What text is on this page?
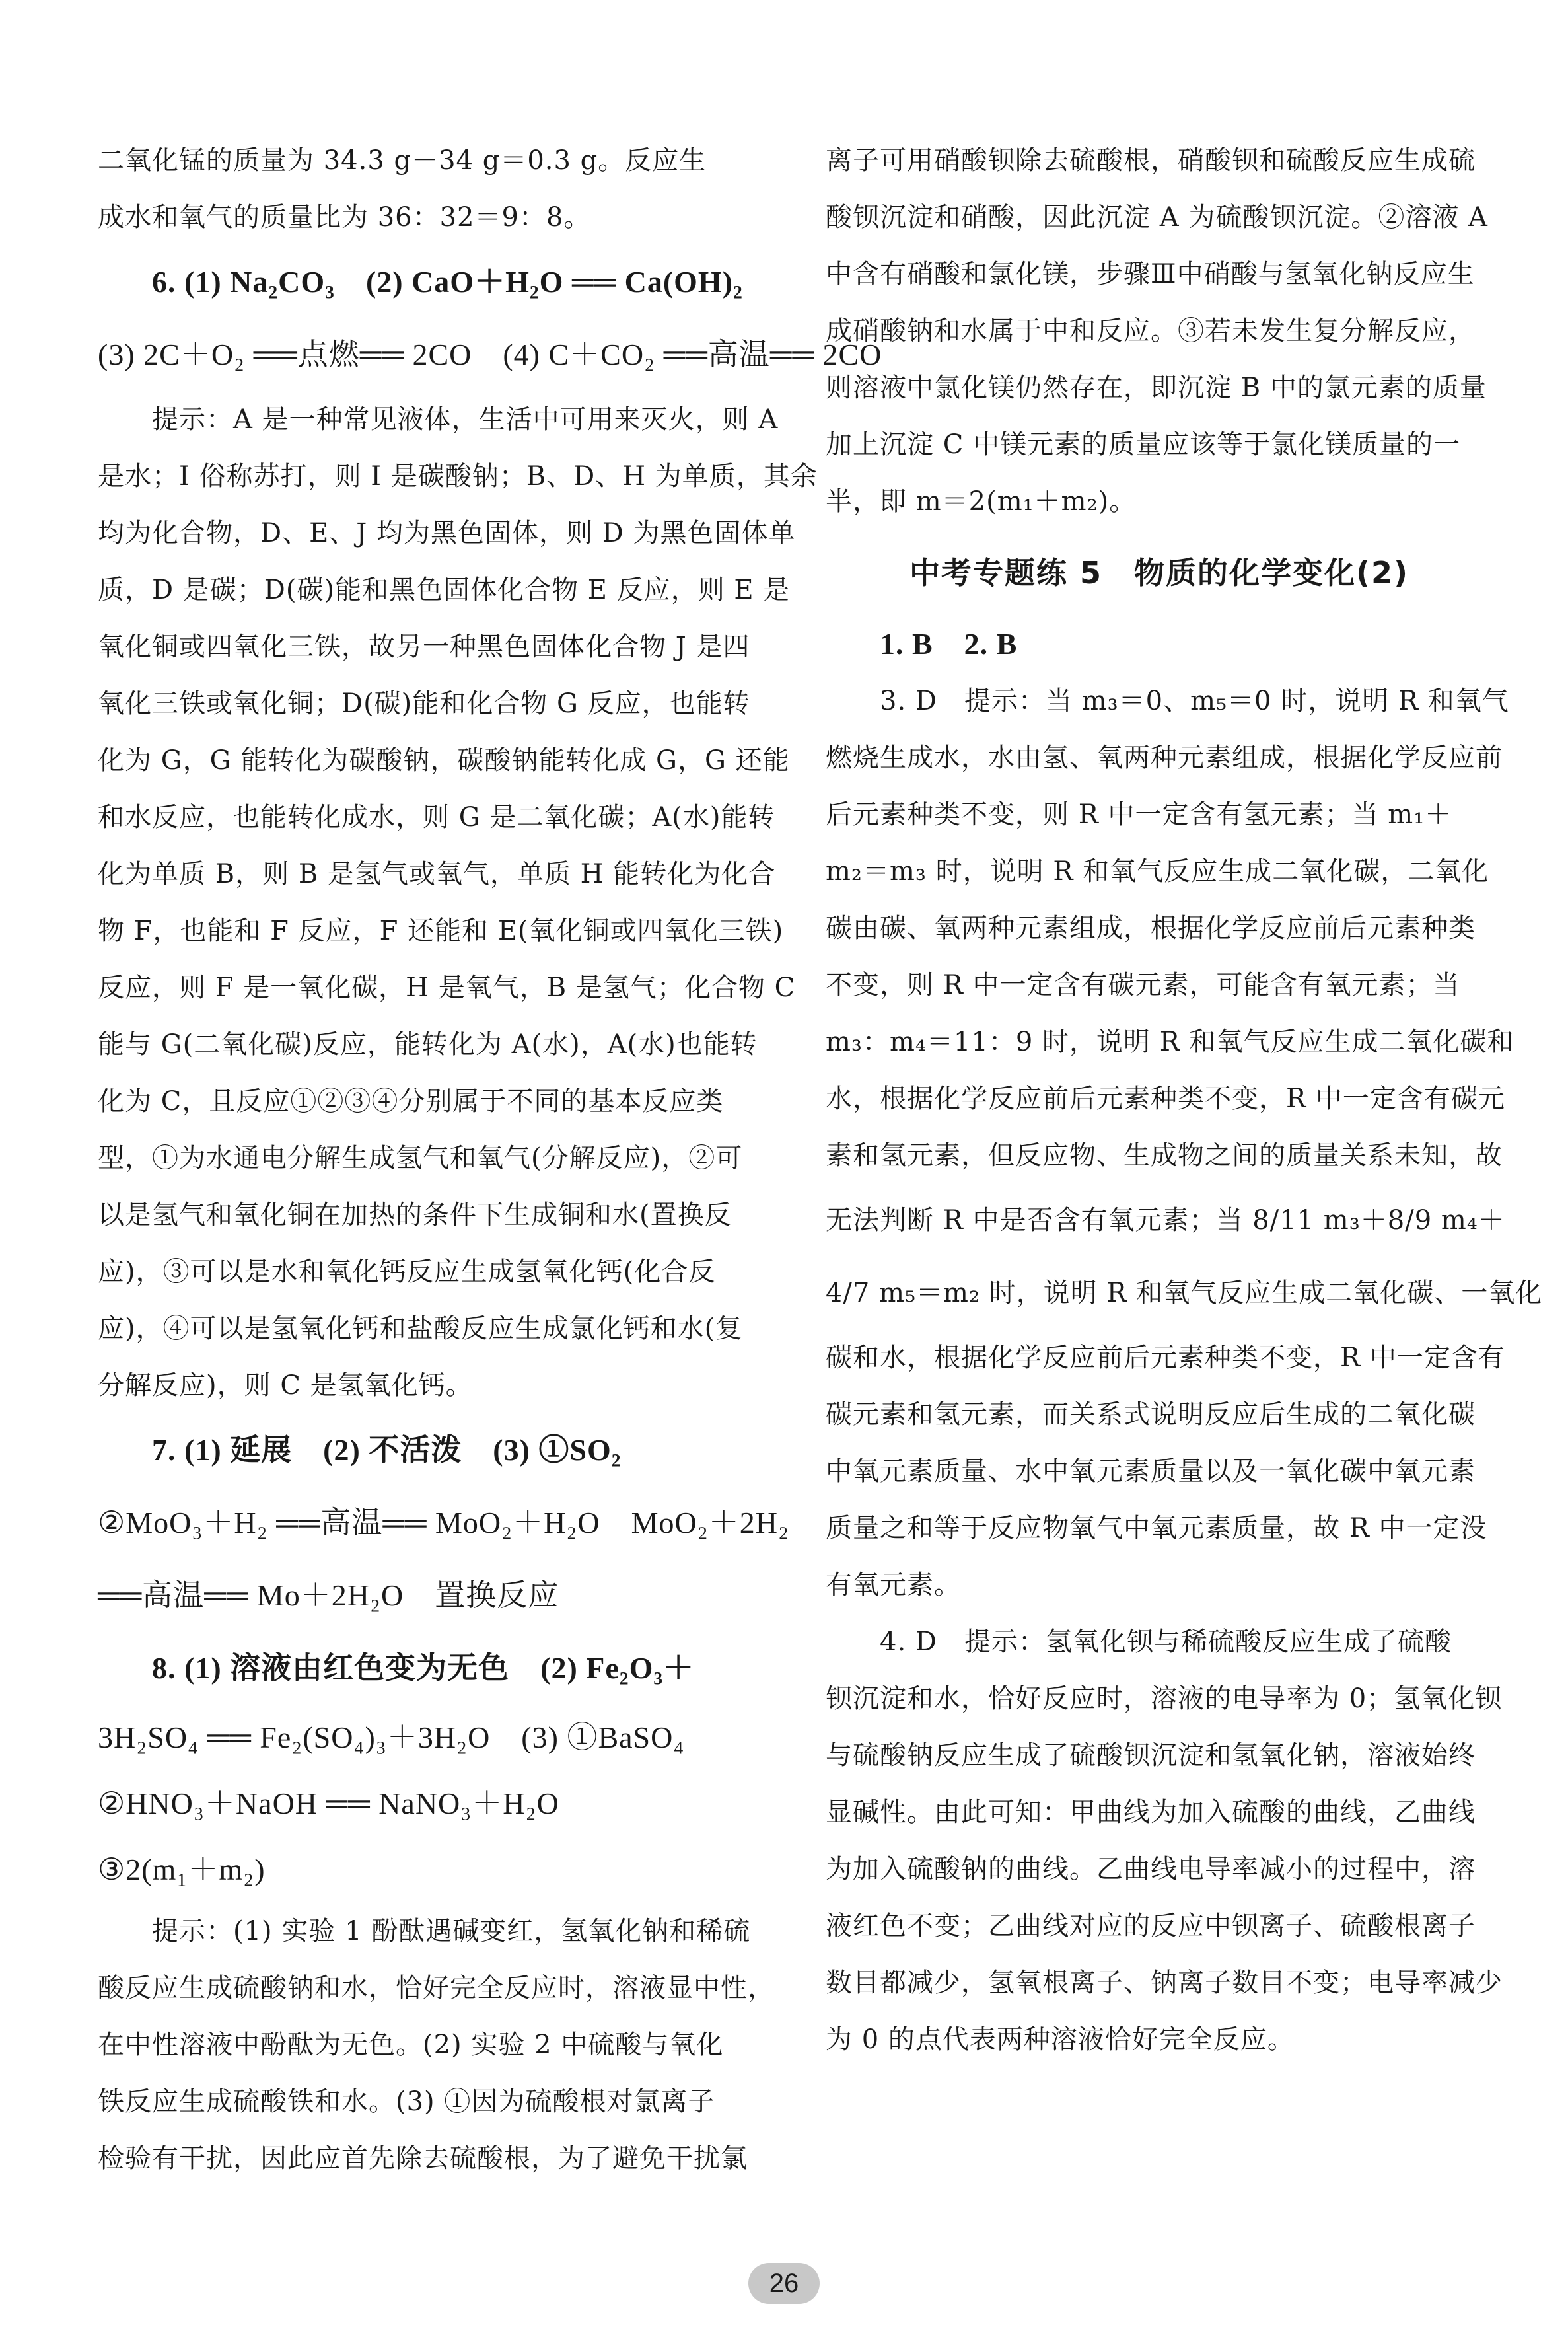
二氧化锰的质量为 34.3 g－34 g＝0.3 g。反应生
成水和氧气的质量比为 36：32＝9：8。
6. (1) Na₂CO₃　(2) CaO＋H₂O ══ Ca(OH)₂
(3) 2C＋O₂ ══点燃══ 2CO　(4) C＋CO₂ ══高温══ 2CO
提示：A 是一种常见液体，生活中可用来灭火，则 A
是水；I 俗称苏打，则 I 是碳酸钠；B、D、H 为单质，其余
均为化合物，D、E、J 均为黑色固体，则 D 为黑色固体单
质，D 是碳；D(碳)能和黑色固体化合物 E 反应，则 E 是
氧化铜或四氧化三铁，故另一种黑色固体化合物 J 是四
氧化三铁或氧化铜；D(碳)能和化合物 G 反应，也能转
化为 G，G 能转化为碳酸钠，碳酸钠能转化成 G，G 还能
和水反应，也能转化成水，则 G 是二氧化碳；A(水)能转
化为单质 B，则 B 是氢气或氧气，单质 H 能转化为化合
物 F，也能和 F 反应，F 还能和 E(氧化铜或四氧化三铁)
反应，则 F 是一氧化碳，H 是氧气，B 是氢气；化合物 C
能与 G(二氧化碳)反应，能转化为 A(水)，A(水)也能转
化为 C，且反应①②③④分别属于不同的基本反应类
型，①为水通电分解生成氢气和氧气(分解反应)，②可
以是氢气和氧化铜在加热的条件下生成铜和水(置换反
应)，③可以是水和氧化钙反应生成氢氧化钙(化合反
应)，④可以是氢氧化钙和盐酸反应生成氯化钙和水(复
分解反应)，则 C 是氢氧化钙。
7. (1) 延展　(2) 不活泼　(3) ①SO₂
②MoO₃＋H₂ ══高温══ MoO₂＋H₂O　MoO₂＋2H₂
══高温══ Mo＋2H₂O　置换反应
8. (1) 溶液由红色变为无色　(2) Fe₂O₃＋
3H₂SO₄ ══ Fe₂(SO₄)₃＋3H₂O　(3) ①BaSO₄
②HNO₃＋NaOH ══ NaNO₃＋H₂O
③2(m₁＋m₂)
提示：(1) 实验 1 酚酞遇碱变红，氢氧化钠和稀硫
酸反应生成硫酸钠和水，恰好完全反应时，溶液显中性，
在中性溶液中酚酞为无色。(2) 实验 2 中硫酸与氧化
铁反应生成硫酸铁和水。(3) ①因为硫酸根对氯离子
检验有干扰，因此应首先除去硫酸根，为了避免干扰氯
离子可用硝酸钡除去硫酸根，硝酸钡和硫酸反应生成硫
酸钡沉淀和硝酸，因此沉淀 A 为硫酸钡沉淀。②溶液 A
中含有硝酸和氯化镁，步骤Ⅲ中硝酸与氢氧化钠反应生
成硝酸钠和水属于中和反应。③若未发生复分解反应，
则溶液中氯化镁仍然存在，即沉淀 B 中的氯元素的质量
加上沉淀 C 中镁元素的质量应该等于氯化镁质量的一
半，即 m＝2(m₁＋m₂)。
中考专题练 5　物质的化学变化(2)
1. B　2. B
3. D　提示：当 m₃＝0、m₅＝0 时，说明 R 和氧气
燃烧生成水，水由氢、氧两种元素组成，根据化学反应前
后元素种类不变，则 R 中一定含有氢元素；当 m₁＋
m₂＝m₃ 时，说明 R 和氧气反应生成二氧化碳，二氧化
碳由碳、氧两种元素组成，根据化学反应前后元素种类
不变，则 R 中一定含有碳元素，可能含有氧元素；当
m₃：m₄＝11：9 时，说明 R 和氧气反应生成二氧化碳和
水，根据化学反应前后元素种类不变，R 中一定含有碳元
素和氢元素，但反应物、生成物之间的质量关系未知，故
无法判断 R 中是否含有氧元素；当 8/11 m₃＋8/9 m₄＋
4/7 m₅＝m₂ 时，说明 R 和氧气反应生成二氧化碳、一氧化
碳和水，根据化学反应前后元素种类不变，R 中一定含有
碳元素和氢元素，而关系式说明反应后生成的二氧化碳
中氧元素质量、水中氧元素质量以及一氧化碳中氧元素
质量之和等于反应物氧气中氧元素质量，故 R 中一定没
有氧元素。
4. D　提示：氢氧化钡与稀硫酸反应生成了硫酸
钡沉淀和水，恰好反应时，溶液的电导率为 0；氢氧化钡
与硫酸钠反应生成了硫酸钡沉淀和氢氧化钠，溶液始终
显碱性。由此可知：甲曲线为加入硫酸的曲线，乙曲线
为加入硫酸钠的曲线。乙曲线电导率减小的过程中，溶
液红色不变；乙曲线对应的反应中钡离子、硫酸根离子
数目都减少，氢氧根离子、钠离子数目不变；电导率减少
为 0 的点代表两种溶液恰好完全反应。
26
